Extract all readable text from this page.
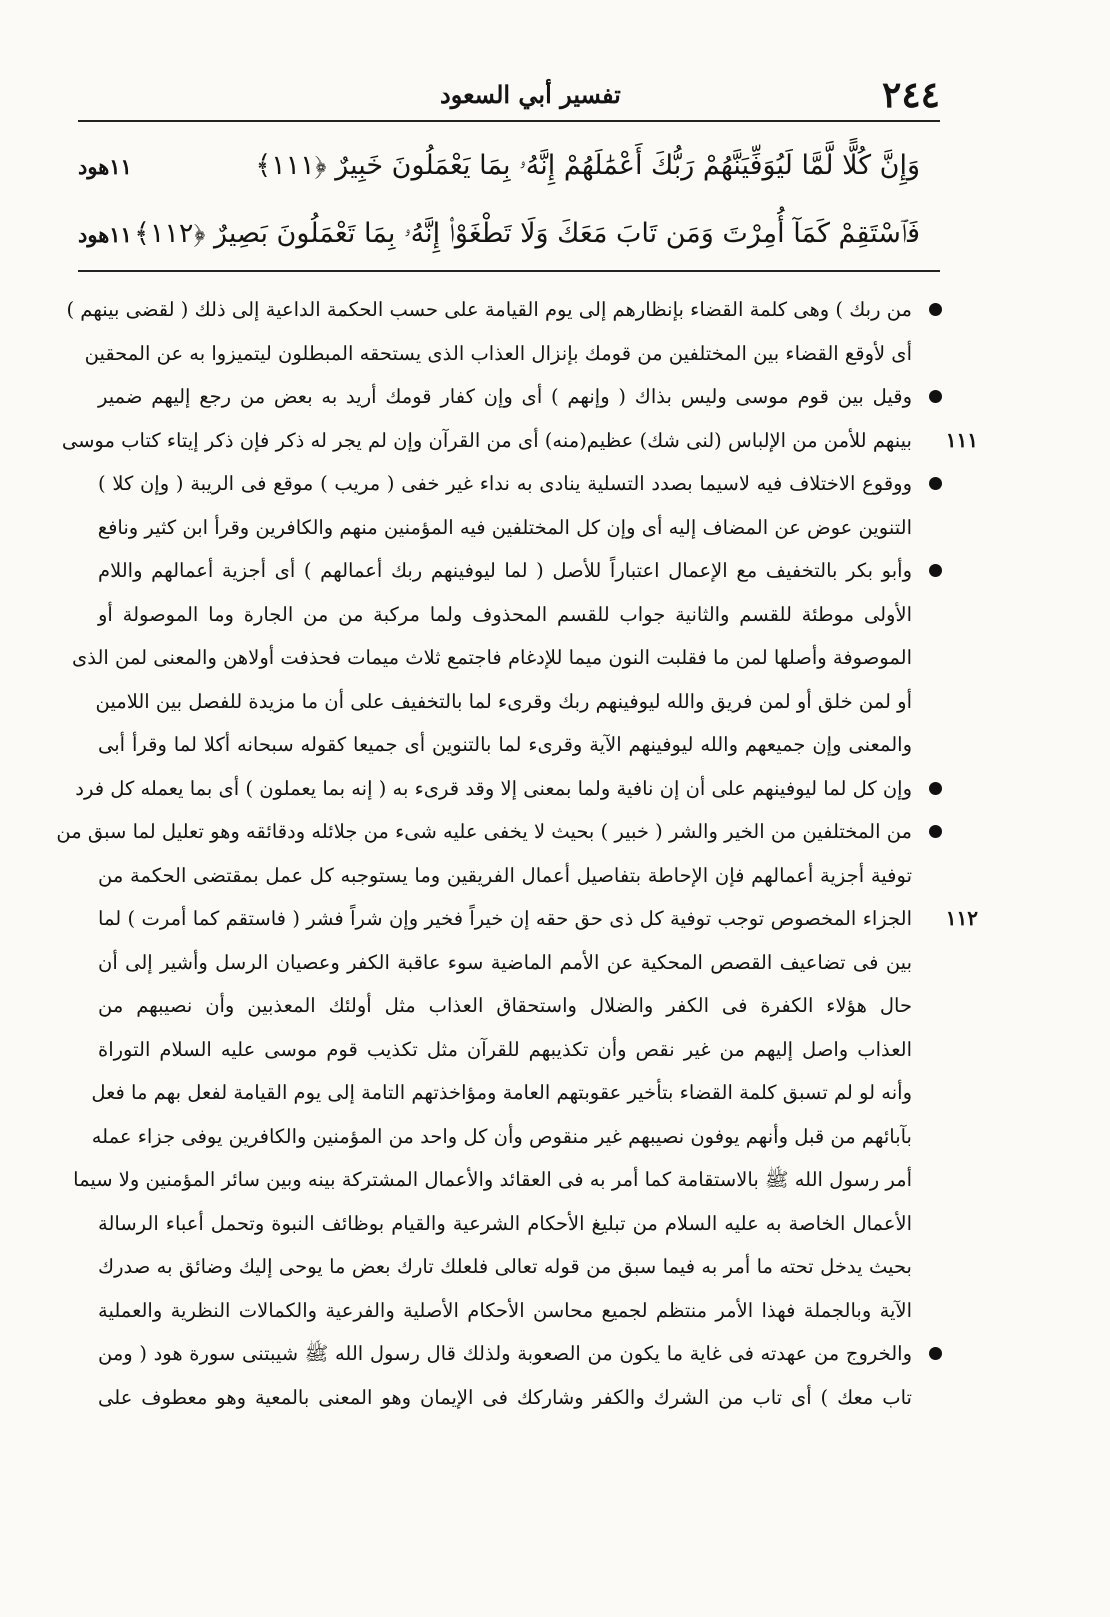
تفسير أبي السعود	٢٤٤
وَإِنَّ كُلًّا لَّمَّا لَيُوَفِّيَنَّهُمْ رَبُّكَ أَعْمَٰلَهُمْ إِنَّهُۥ بِمَا يَعْمَلُونَ خَبِيرٌ ﴿١١١﴾
١١هود
فَٱسْتَقِمْ كَمَآ أُمِرْتَ وَمَن تَابَ مَعَكَ وَلَا تَطْغَوْا۟ إِنَّهُۥ بِمَا تَعْمَلُونَ بَصِيرٌ ﴿١١٢﴾
١١هود
من ربك ) وهى كلمة القضاء بإنظارهم إلى يوم القيامة على حسب الحكمة الداعية إلى ذلك ( لقضى بينهم )
أى لأوقع القضاء بين المختلفين من قومك بإنزال العذاب الذى يستحقه المبطلون ليتميزوا به عن المحقين
وقيل بين قوم موسى وليس بذاك ( وإنهم ) أى وإن كفار قومك أريد به بعض من رجع إليهم ضمير
١١١
بينهم للأمن من الإلباس (لنى شك) عظيم(منه) أى من القرآن وإن لم يجر له ذكر فإن ذكر إيتاء كتاب موسى
ووقوع الاختلاف فيه لاسيما بصدد التسلية ينادى به نداء غير خفى ( مريب ) موقع فى الريبة ( وإن كلا )
التنوين عوض عن المضاف إليه أى وإن كل المختلفين فيه المؤمنين منهم والكافرين وقرأ ابن كثير ونافع
وأبو بكر بالتخفيف مع الإعمال اعتباراً للأصل ( لما ليوفينهم ربك أعمالهم ) أى أجزية أعمالهم واللام
الأولى موطئة للقسم والثانية جواب للقسم المحذوف ولما مركبة من من الجارة وما الموصولة أو
الموصوفة وأصلها لمن ما فقلبت النون ميما للإدغام فاجتمع ثلاث ميمات فحذفت أولاهن والمعنى لمن الذى
أو لمن خلق أو لمن فريق والله ليوفينهم ربك وقرىء لما بالتخفيف على أن ما مزيدة للفصل بين اللامين
والمعنى وإن جميعهم والله ليوفينهم الآية وقرىء لما بالتنوين أى جميعا كقوله سبحانه أكلا لما وقرأ أبى
وإن كل لما ليوفينهم على أن إن نافية ولما بمعنى إلا وقد قرىء به ( إنه بما يعملون ) أى بما يعمله كل فرد
من المختلفين من الخير والشر ( خبير ) بحيث لا يخفى عليه شىء من جلائله ودقائقه وهو تعليل لما سبق من
توفية أجزية أعمالهم فإن الإحاطة بتفاصيل أعمال الفريقين وما يستوجبه كل عمل بمقتضى الحكمة من
١١٢
الجزاء المخصوص توجب توفية كل ذى حق حقه إن خيراً فخير وإن شراً فشر ( فاستقم كما أمرت ) لما
بين فى تضاعيف القصص المحكية عن الأمم الماضية سوء عاقبة الكفر وعصيان الرسل وأشير إلى أن
حال هؤلاء الكفرة فى الكفر والضلال واستحقاق العذاب مثل أولئك المعذبين وأن نصيبهم من
العذاب واصل إليهم من غير نقص وأن تكذيبهم للقرآن مثل تكذيب قوم موسى عليه السلام التوراة
وأنه لو لم تسبق كلمة القضاء بتأخير عقوبتهم العامة ومؤاخذتهم التامة إلى يوم القيامة لفعل بهم ما فعل
بآبائهم من قبل وأنهم يوفون نصيبهم غير منقوص وأن كل واحد من المؤمنين والكافرين يوفى جزاء عمله
أمر رسول الله ﷺ بالاستقامة كما أمر به فى العقائد والأعمال المشتركة بينه وبين سائر المؤمنين ولا سيما
الأعمال الخاصة به عليه السلام من تبليغ الأحكام الشرعية والقيام بوظائف النبوة وتحمل أعباء الرسالة
بحيث يدخل تحته ما أمر به فيما سبق من قوله تعالى فلعلك تارك بعض ما يوحى إليك وضائق به صدرك
الآية وبالجملة فهذا الأمر منتظم لجميع محاسن الأحكام الأصلية والفرعية والكمالات النظرية والعملية
والخروج من عهدته فى غاية ما يكون من الصعوبة ولذلك قال رسول الله ﷺ شيبتنى سورة هود ( ومن
تاب معك ) أى تاب من الشرك والكفر وشاركك فى الإيمان وهو المعنى بالمعية وهو معطوف على
